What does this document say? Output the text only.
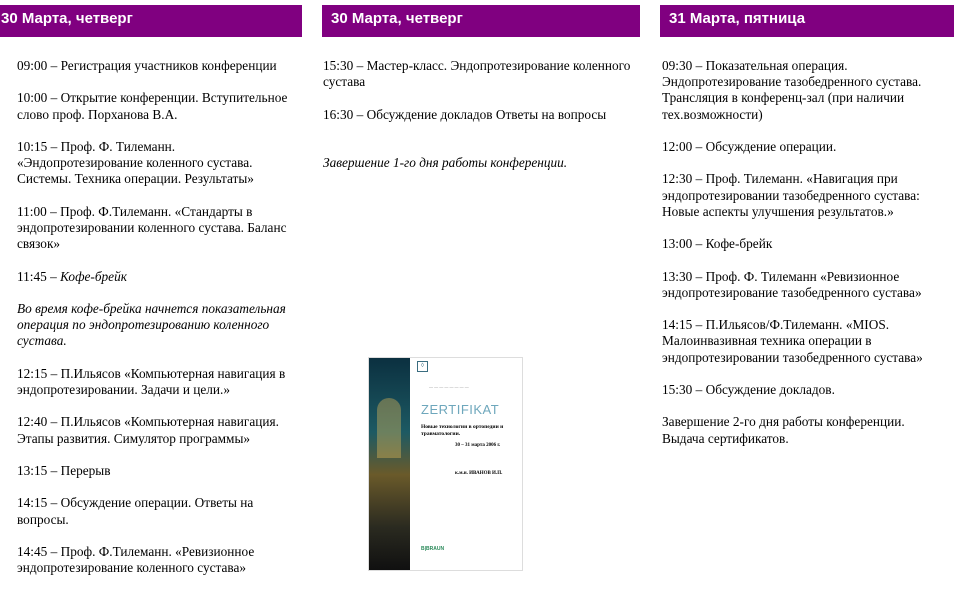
30 Марта, четверг

09:00 – Регистрация участников конференции

10:00 – Открытие конференции. Вступительное слово проф. Порханова В.А.

10:15 – Проф. Ф. Тилеманн. «Эндопротезирование коленного сустава. Системы. Техника операции. Результаты»

11:00 – Проф. Ф.Тилеманн. «Стандарты в эндопротезировании коленного сустава. Баланс связок»

11:45 – Кофе-брейк

Во время кофе-брейка начнется показательная операция по эндопротезированию коленного сустава.

12:15 – П.Ильясов «Компьютерная навигация в эндопротезировании. Задачи и цели.»

12:40 – П.Ильясов «Компьютерная навигация. Этапы развития. Симулятор программы»

13:15 – Перерыв

14:15 – Обсуждение операции. Ответы на вопросы.

14:45 – Проф. Ф.Тилеманн. «Ревизионное эндопротезирование коленного сустава»

30 Марта, четверг

15:30 – Мастер-класс. Эндопротезирование коленного сустава

16:30 – Обсуждение докладов Ответы на вопросы

Завершение 1-го дня работы конференции.

31 Марта, пятница

09:30 – Показательная операция. Эндопротезирование тазобедренного сустава. Трансляция в конференц-зал (при наличии тех.возможности)

12:00 – Обсуждение операции.

12:30 – Проф. Тилеманн. «Навигация при эндопротезировании тазобедренного сустава: Новые аспекты улучшения результатов.»

13:00 – Кофе-брейк

13:30 – Проф. Ф. Тилеманн «Ревизионное эндопротезирование тазобедренного сустава»

14:15 – П.Ильясов/Ф.Тилеманн. «MIOS. Малоинвазивная техника операции в эндопротезировании тазобедренного сустава»

15:30 – Обсуждение докладов.

Завершение 2-го дня работы конференции. Выдача сертификатов.

◊
— — — — — — — —
ZERTIFIKAT
Новые технологии в ортопедии и травматологии.
30 – 31 марта 2006 г.
к.м.н. ИВАНОВ И.П.
B|BRAUN
